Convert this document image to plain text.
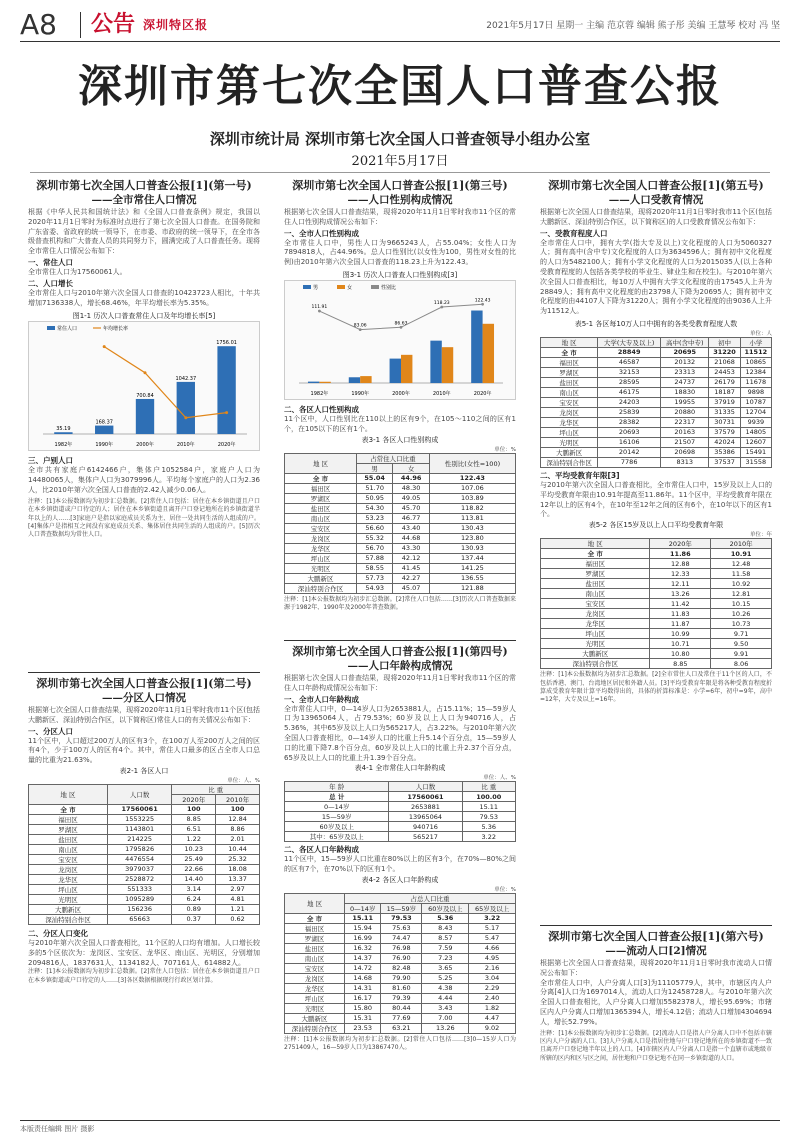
A8	公告 深圳特区报	2021年5月17日 星期一 主编 范京蓉 编辑 熊子彤 美编 王慧琴 校对 冯 坚
深圳市第七次全国人口普查公报
深圳市统计局 深圳市第七次全国人口普查领导小组办公室
2021年5月17日
深圳市第七次全国人口普查公报[1](第一号)
——全市常住人口情况
根据《中华人民共和国统计法》和《全国人口普查条例》规定，我国以2020年11月1日零时为标准时点进行了第七次全国人口普查。在国务院和广东省委、省政府的统一领导下，在市委、市政府的统一领导下，在全市各级普查机构和广大普查人员的共同努力下，圆满完成了人口普查任务。现将全市常住人口情况公布如下：
一、常住人口
全市常住人口为17560061人。
二、人口增长
全市常住人口与2010年第六次全国人口普查的10423723人相比，十年共增加7136338人，增长68.46%，年平均增长率为5.35%。
图1-1 历次人口普查常住人口及年均增长率[5]
常住人口	年均增长率
35.19
1982年
168.37
1990年
700.84
2000年
1042.37
2010年
1756.01
2020年
三、户别人口
全市共有家庭户6142466户，集体户1052584户，家庭户人口为14480065人，集体户人口为3079996人。平均每个家庭户的人口为2.36人，比2010年第六次全国人口普查的2.42人减少0.06人。
注释：[1]本公报数据均为初步汇总数据。[2]常住人口包括：居住在本乡镇街道且户口在本乡镇街道或户口待定的人；居住在本乡镇街道且离开户口登记地所在的乡镇街道半年以上的人……[3]家庭户是指以家庭成员关系为主、居住一处共同生活的人组成的户。[4]集体户是指相互之间没有家庭成员关系、集体居住共同生活的人组成的户。[5]历次人口普查数据均为常住人口。
深圳市第七次全国人口普查公报[1](第二号)
——分区人口情况
根据第七次全国人口普查结果，现将2020年11月1日零时我市11个区(包括大鹏新区、深汕特别合作区，以下简称区)常住人口的有关情况公布如下：
一、分区人口
11个区中，人口超过200万人的区有3个，在100万人至200万人之间的区有4个，少于100万人的区有4个。其中，常住人口最多的区占全市人口总量的比重为21.63%。
表2-1 各区人口
单位：人、%
地 区	人口数	比 重	
		2020年	2010年
全 市	17560061	100	100
福田区	1553225	8.85	12.84
罗湖区	1143801	6.51	8.86
盐田区	214225	1.22	2.01
南山区	1795826	10.23	10.44
宝安区	4476554	25.49	25.32
龙岗区	3979037	22.66	18.08
龙华区	2528872	14.40	13.37
坪山区	551333	3.14	2.97
光明区	1095289	6.24	4.81
大鹏新区	156236	0.89	1.21
深汕特别合作区	65663	0.37	0.62
二、分区人口变化
与2010年第六次全国人口普查相比，11个区的人口均有增加。人口增长较多的5个区依次为：龙岗区、宝安区、龙华区、南山区、光明区，分别增加2094816人、1837631人、1134182人、707161人、614882人。
注释：[1]本公报数据均为初步汇总数据。[2]常住人口包括：居住在本乡镇街道且户口在本乡镇街道或户口待定的人……[3]各区数据根据现行行政区划计算。
深圳市第七次全国人口普查公报[1](第三号)
——人口性别构成情况
根据第七次全国人口普查结果，现将2020年11月1日零时我市11个区的常住人口性别构成情况公布如下：
一、全市人口性别构成
全市常住人口中，男性人口为9665243人，占55.04%；女性人口为7894818人，占44.96%。总人口性别比(以女性为100，男性对女性的比例)由2010年第六次全国人口普查的118.23上升为122.43。
图3-1 历次人口普查人口性别构成[3]
男	女	性别比
1982年
111.91
1990年
83.06
2000年
86.63
2010年
118.23
2020年
122.43
二、各区人口性别构成
11个区中，人口性别比在110以上的区有9个，在105～110之间的区有1个，在105以下的区有1个。
表3-1 各区人口性别构成
单位：%
地 区	占常住人口比重		性别比(女性=100)
	男	女	
全 市	55.04	44.96	122.43
福田区	51.70	48.30	107.06
罗湖区	50.95	49.05	103.89
盐田区	54.30	45.70	118.82
南山区	53.23	46.77	113.81
宝安区	56.60	43.40	130.43
龙岗区	55.32	44.68	123.80
龙华区	56.70	43.30	130.93
坪山区	57.88	42.12	137.44
光明区	58.55	41.45	141.25
大鹏新区	57.73	42.27	136.55
深汕特别合作区	54.93	45.07	121.88
注释：[1]本公报数据均为初步汇总数据。[2]常住人口包括……[3]历次人口普查数据来源于1982年、1990年及2000年普查数据。
深圳市第七次全国人口普查公报[1](第四号)
——人口年龄构成情况
根据第七次全国人口普查结果，现将2020年11月1日零时我市11个区的常住人口年龄构成情况公布如下：
一、全市人口年龄构成
全市常住人口中，0—14岁人口为2653881人，占15.11%；15—59岁人口为13965064人，占79.53%；60岁及以上人口为940716人，占5.36%，其中65岁及以上人口为565217人，占3.22%。与2010年第六次全国人口普查相比，0—14岁人口的比重上升5.14个百分点，15—59岁人口的比重下降7.8个百分点，60岁及以上人口的比重上升2.37个百分点，65岁及以上人口的比重上升1.39个百分点。
表4-1 全市常住人口年龄构成
单位：人、%
年 龄	人口数	比 重
总 计	17560061	100.00
0—14岁	2653881	15.11
15—59岁	13965064	79.53
60岁及以上	940716	5.36
其中：65岁及以上	565217	3.22
二、各区人口年龄构成
11个区中，15—59岁人口比重在80%以上的区有3个，在70%—80%之间的区有7个，在70%以下的区有1个。
表4-2 各区人口年龄构成
单位：%
地 区	占总人口比重			
	0—14岁	15—59岁	60岁及以上	65岁及以上
全 市	15.11	79.53	5.36	3.22
福田区	15.94	75.63	8.43	5.17
罗湖区	16.99	74.47	8.57	5.47
盐田区	16.32	76.98	7.59	4.66
南山区	14.37	76.90	7.23	4.95
宝安区	14.72	82.48	3.65	2.16
龙岗区	14.68	79.90	5.25	3.04
龙华区	14.31	81.60	4.38	2.29
坪山区	16.17	79.39	4.44	2.40
光明区	15.80	80.44	3.43	1.82
大鹏新区	15.31	77.69	7.00	4.47
深汕特别合作区	23.53	63.21	13.26	9.02
注释：[1]本公报数据均为初步汇总数据。[2]常住人口包括……[3]0—15岁人口为2751409人，16—59岁人口为13867470人。
深圳市第七次全国人口普查公报[1](第五号)
——人口受教育情况
根据第七次全国人口普查结果，现将2020年11月1日零时我市11个区(包括大鹏新区、深汕特别合作区，以下简称区)的人口受教育情况公布如下：
一、受教育程度人口
全市常住人口中，拥有大学(指大专及以上)文化程度的人口为5060327人；拥有高中(含中专)文化程度的人口为3634596人；拥有初中文化程度的人口为5482100人；拥有小学文化程度的人口为2015035人(以上各种受教育程度的人包括各类学校的毕业生、肄业生和在校生)。与2010年第六次全国人口普查相比，每10万人中拥有大学文化程度的由17545人上升为28849人；拥有高中文化程度的由23798人下降为20695人；拥有初中文化程度的由44107人下降为31220人；拥有小学文化程度的由9036人上升为11512人。
表5-1 各区每10万人口中拥有的各类受教育程度人数
单位：人
地 区	大学(大专及以上)	高中(含中专)	初中	小学
全 市	28849	20695	31220	11512
福田区	46587	20132	21068	10865
罗湖区	32153	23313	24453	12384
盐田区	28595	24737	26179	11678
南山区	46175	18830	18187	9898
宝安区	24203	19955	37919	10787
龙岗区	25839	20880	31335	12704
龙华区	28382	22317	30731	9939
坪山区	20693	20163	37579	14805
光明区	16106	21507	42024	12607
大鹏新区	20142	20698	35386	15491
深汕特别合作区	7786	8313	37537	31558
二、平均受教育年限[3]
与2010年第六次全国人口普查相比，全市常住人口中，15岁及以上人口的平均受教育年限由10.91年提高至11.86年。11个区中，平均受教育年限在12年以上的区有4个，在10年至12年之间的区有6个，在10年以下的区有1个。
表5-2 各区15岁及以上人口平均受教育年限
单位：年
地 区	2020年	2010年
全 市	11.86	10.91
福田区	12.88	12.48
罗湖区	12.33	11.58
盐田区	12.11	10.92
南山区	13.26	12.81
宝安区	11.42	10.15
龙岗区	11.83	10.26
龙华区	11.87	10.73
坪山区	10.99	9.71
光明区	10.71	9.50
大鹏新区	10.80	9.91
深汕特别合作区	8.85	8.06
注释：[1]本公报数据均为初步汇总数据。[2]全市常住人口及常住于11个区的人口，不包括香港、澳门、台湾地区居民和外籍人员。[3]平均受教育年限是将各种受教育程度折算成受教育年限计算平均数得出的，具体的折算标准是：小学=6年，初中=9年，高中=12年，大专及以上=16年。
深圳市第七次全国人口普查公报[1](第六号)
——流动人口[2]情况
根据第七次全国人口普查结果，现将2020年11月1日零时我市流动人口情况公布如下：
全市常住人口中，人户分离人口[3]为11105779人，其中，市辖区内人户分离[4]人口为1697014人，流动人口为12458728人。与2010年第六次全国人口普查相比，人户分离人口增加5582378人，增长95.69%；市辖区内人户分离人口增加1365394人，增长4.12倍；流动人口增加4304694人，增长52.79%。
注释：[1]本公报数据均为初步汇总数据。[2]流动人口是指人户分离人口中不包括市辖区内人户分离的人口。[3]人户分离人口是指居住地与户口登记地所在的乡镇街道不一致且离开户口登记地半年以上的人口。[4]市辖区内人户分离人口是指一个直辖市或地级市所辖的区内和区与区之间，居住地和户口登记地不在同一乡镇街道的人口。
本版责任编辑 图片 摄影
